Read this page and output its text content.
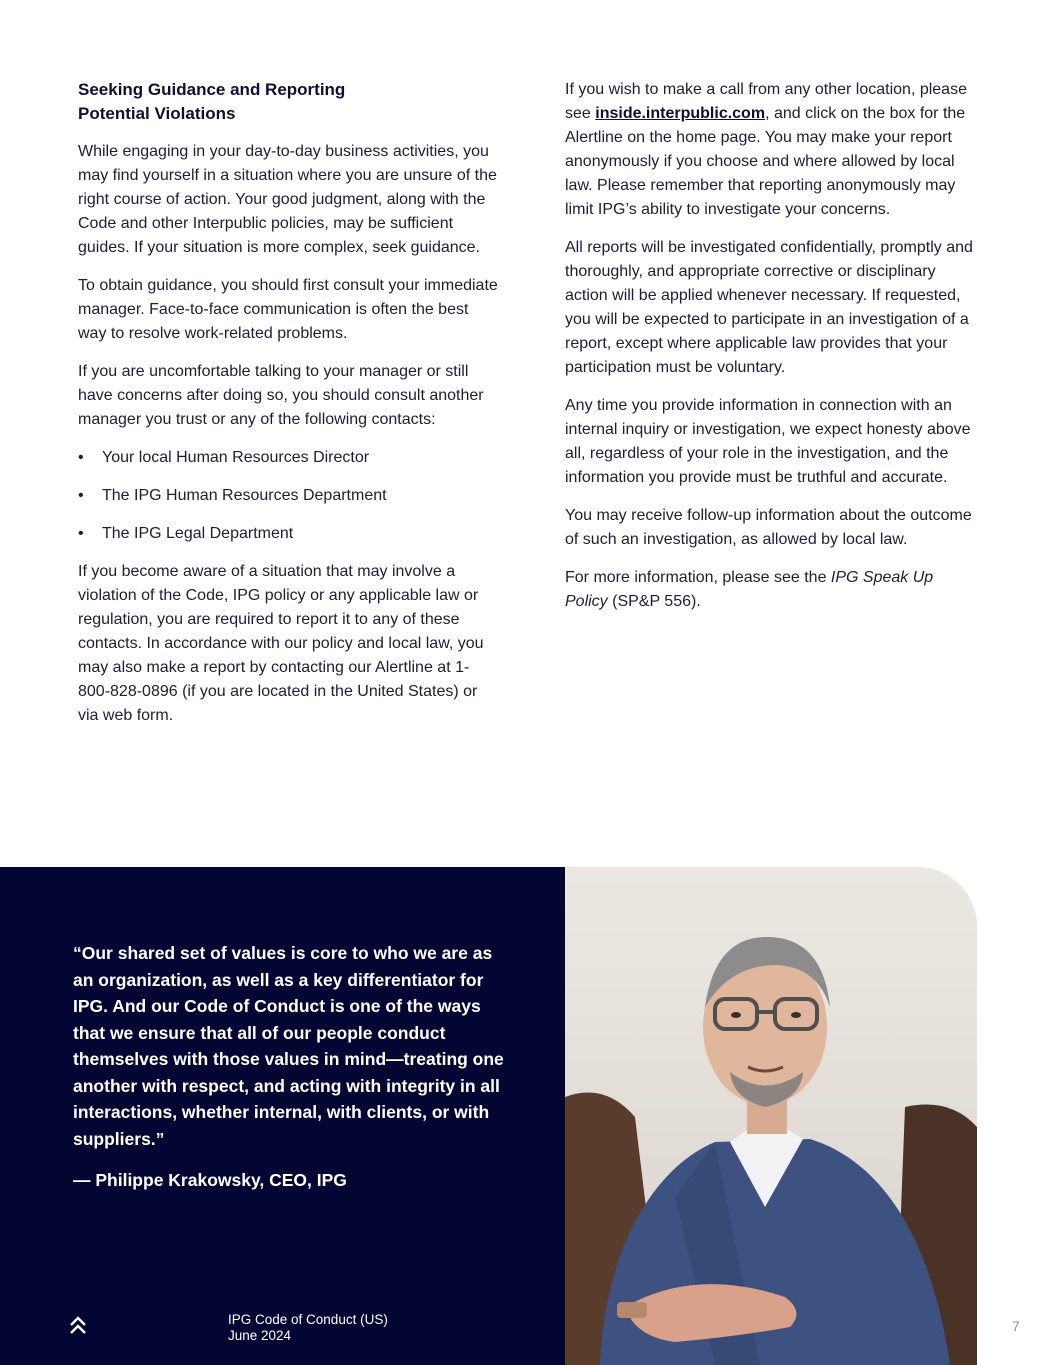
Seeking Guidance and Reporting
Potential Violations

While engaging in your day-to-day business activities, you may find yourself in a situation where you are unsure of the right course of action. Your good judgment, along with the Code and other Interpublic policies, may be sufficient guides. If your situation is more complex, seek guidance.

To obtain guidance, you should first consult your immediate manager. Face-to-face communication is often the best way to resolve work-related problems.

If you are uncomfortable talking to your manager or still have concerns after doing so, you should consult another manager you trust or any of the following contacts:

• Your local Human Resources Director
• The IPG Human Resources Department
• The IPG Legal Department

If you become aware of a situation that may involve a violation of the Code, IPG policy or any applicable law or regulation, you are required to report it to any of these contacts. In accordance with our policy and local law, you may also make a report by contacting our Alertline at 1-800-828-0896 (if you are located in the United States) or via web form.

If you wish to make a call from any other location, please see inside.interpublic.com, and click on the box for the Alertline on the home page. You may make your report anonymously if you choose and where allowed by local law. Please remember that reporting anonymously may limit IPG’s ability to investigate your concerns.

All reports will be investigated confidentially, promptly and thoroughly, and appropriate corrective or disciplinary action will be applied whenever necessary. If requested, you will be expected to participate in an investigation of a report, except where applicable law provides that your participation must be voluntary.

Any time you provide information in connection with an internal inquiry or investigation, we expect honesty above all, regardless of your role in the investigation, and the information you provide must be truthful and accurate.

You may receive follow-up information about the outcome of such an investigation, as allowed by local law.

For more information, please see the IPG Speak Up Policy (SP&P 556).

“Our shared set of values is core to who we are as an organization, as well as a key differentiator for IPG. And our Code of Conduct is one of the ways that we ensure that all of our people conduct themselves with those values in mind—treating one another with respect, and acting with integrity in all interactions, whether internal, with clients, or with suppliers.”

— Philippe Krakowsky, CEO, IPG

IPG Code of Conduct (US)
June 2024
7
